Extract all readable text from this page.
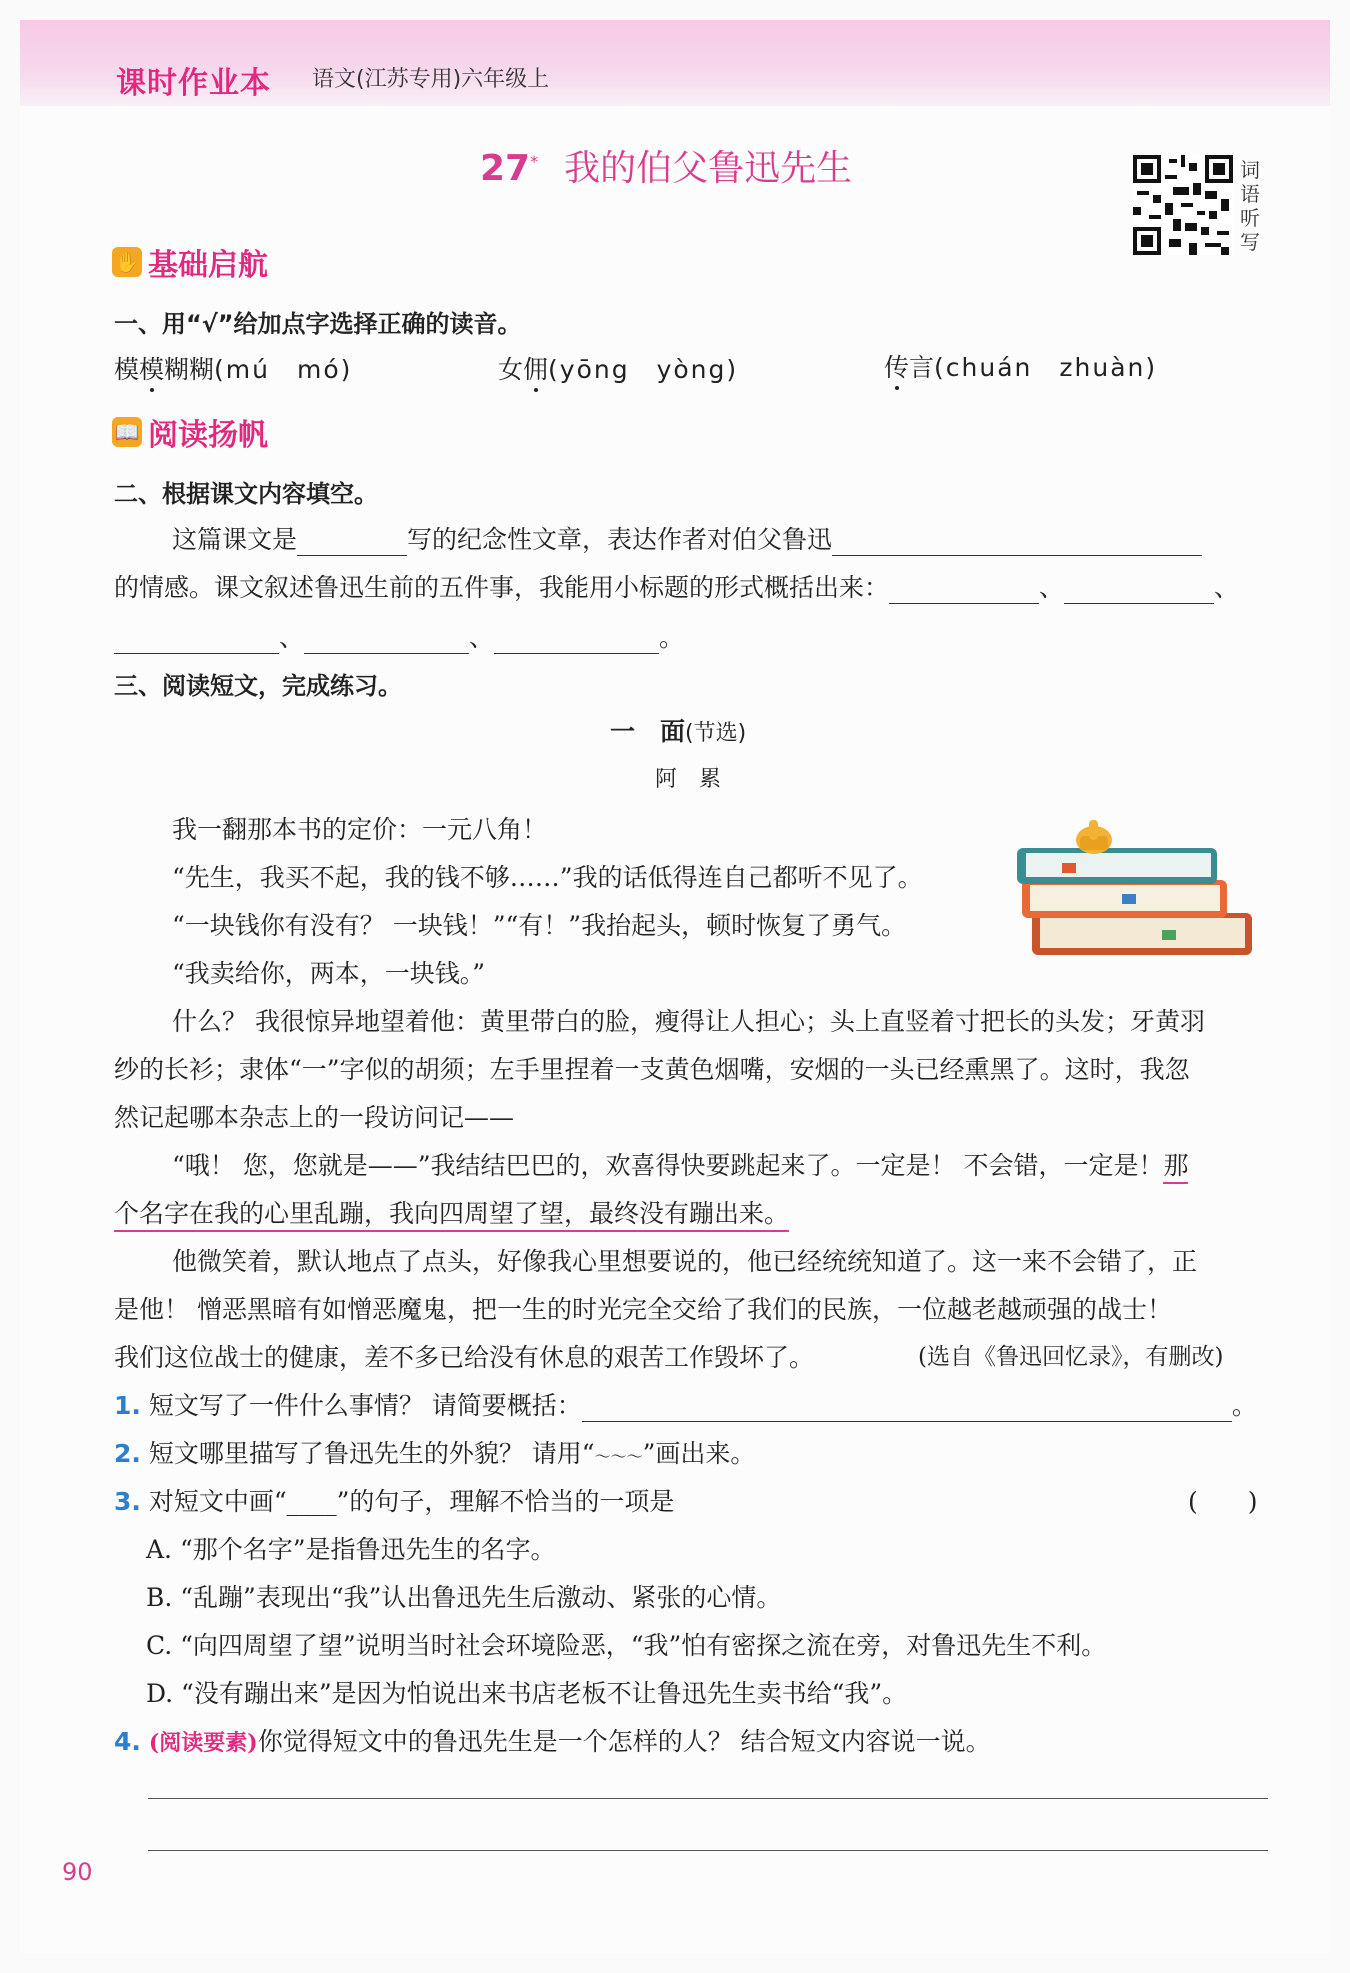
课时作业本 语文(江苏专用)六年级上
27* 我的伯父鲁迅先生	词语听写
✋ 基础启航
一、用“√”给加点字选择正确的读音。
模模糊糊(mú　mó)	女佣(yōng　yòng)	传言(chuán　zhuàn)
📖 阅读扬帆
二、根据课文内容填空。
这篇课文是	写的纪念性文章，表达作者对伯父鲁迅
的情感。课文叙述鲁迅生前的五件事，我能用小标题的形式概括出来：	、	、
、	、	。
三、阅读短文，完成练习。
一　面(节选)
阿　累
我一翻那本书的定价：一元八角！
“先生，我买不起，我的钱不够……”我的话低得连自己都听不见了。
“一块钱你有没有？ 一块钱！”“有！”我抬起头，顿时恢复了勇气。
“我卖给你，两本，一块钱。”
什么？ 我很惊异地望着他：黄里带白的脸，瘦得让人担心；头上直竖着寸把长的头发；牙黄羽
纱的长衫；隶体“一”字似的胡须；左手里捏着一支黄色烟嘴，安烟的一头已经熏黑了。这时，我忽
然记起哪本杂志上的一段访问记——
“哦！ 您，您就是——”我结结巴巴的，欢喜得快要跳起来了。一定是！ 不会错，一定是！那
个名字在我的心里乱蹦，我向四周望了望，最终没有蹦出来。
他微笑着，默认地点了点头，好像我心里想要说的，他已经统统知道了。这一来不会错了，正
是他！ 憎恶黑暗有如憎恶魔鬼，把一生的时光完全交给了我们的民族，一位越老越顽强的战士！
我们这位战士的健康，差不多已给没有休息的艰苦工作毁坏了。	(选自《鲁迅回忆录》，有删改)
1. 短文写了一件什么事情？ 请简要概括：	。
2. 短文哪里描写了鲁迅先生的外貌？ 请用“～～～”画出来。
3. 对短文中画“____”的句子，理解不恰当的一项是	(　　)
A. “那个名字”是指鲁迅先生的名字。
B. “乱蹦”表现出“我”认出鲁迅先生后激动、紧张的心情。
C. “向四周望了望”说明当时社会环境险恶，“我”怕有密探之流在旁，对鲁迅先生不利。
D. “没有蹦出来”是因为怕说出来书店老板不让鲁迅先生卖书给“我”。
4. (阅读要素)你觉得短文中的鲁迅先生是一个怎样的人？ 结合短文内容说一说。
90
